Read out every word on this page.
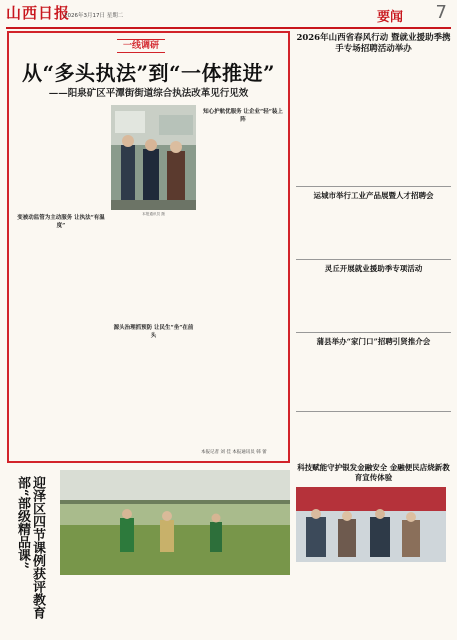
山西日报
2026年3月17日 星期二	要闻 7
一线调研
从“多头执法”到“一体推进”
——阳泉矿区平潭街街道综合执法改革见行见效
变被动监管为主动服务 让执法“有温度”
本报通讯员 摄
源头治理抓预防 让民生“坐”在前头
知心护航优服务 让企业“轻”装上阵
本报记者 刘 佳 本报通讯员 韩 蕾
2026年山西省春风行动 暨就业援助季携手专场招聘活动举办
运城市举行工业产品展暨人才招聘会
灵丘开展就业援助季专项活动
蒲县举办“家门口”招聘引贤推介会
科技赋能守护银发金融安全 金融便民店烧新教育宣传体验
迎泽区四节课例获评教育部“部级精品课”
